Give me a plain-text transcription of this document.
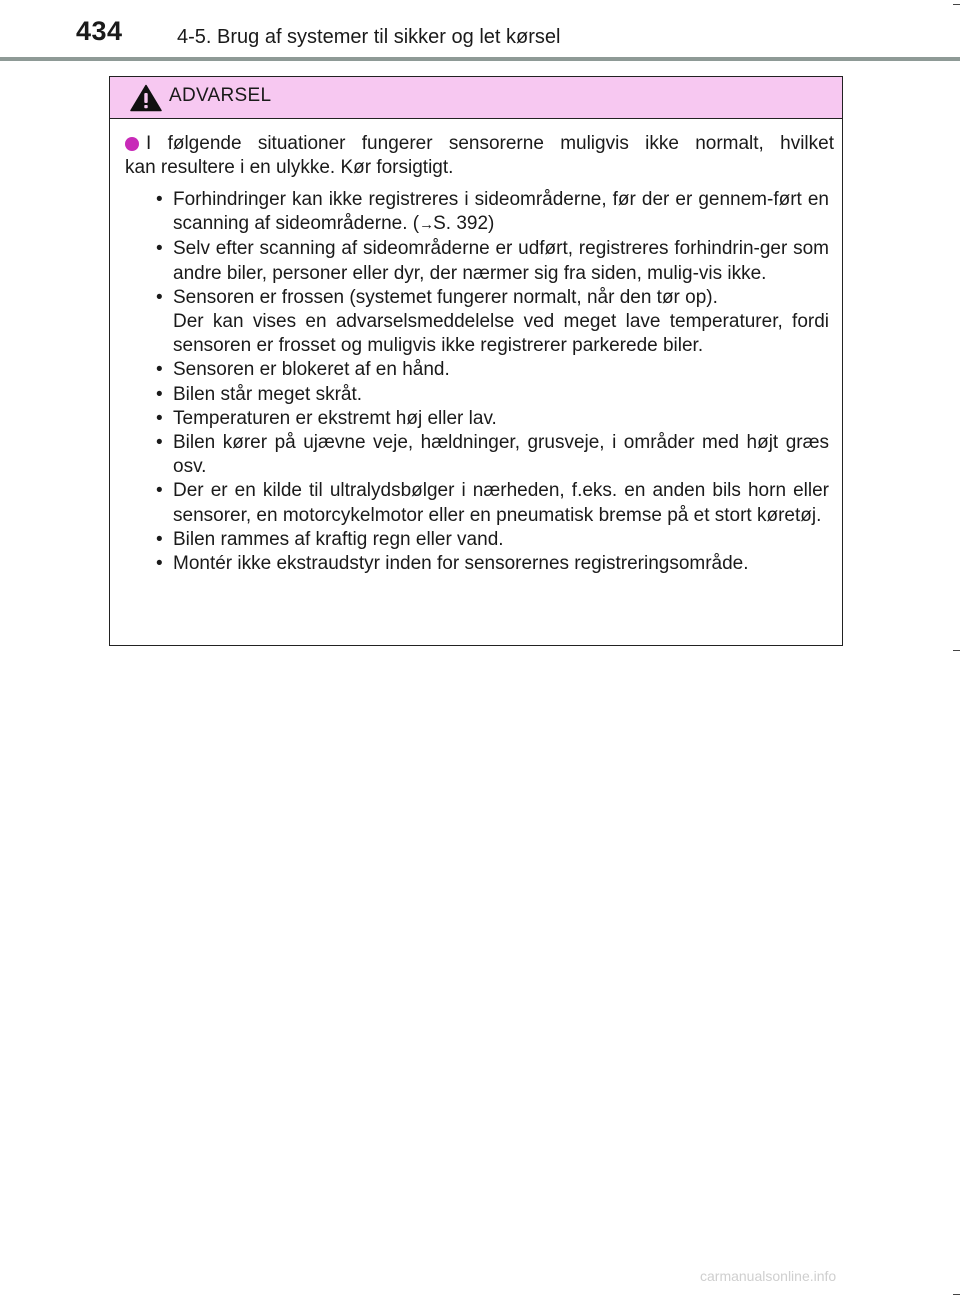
434	4-5. Brug af systemer til sikker og let kørsel
ADVARSEL
I følgende situationer fungerer sensorerne muligvis ikke normalt, hvilket
kan resultere i en ulykke. Kør forsigtigt.
• Forhindringer kan ikke registreres i sideområderne, før der er gennem-ført en scanning af sideområderne. (→S. 392)
• Selv efter scanning af sideområderne er udført, registreres forhindrin-ger som andre biler, personer eller dyr, der nærmer sig fra siden, mulig-vis ikke.
• Sensoren er frossen (systemet fungerer normalt, når den tør op).
Der kan vises en advarselsmeddelelse ved meget lave temperaturer, fordi sensoren er frosset og muligvis ikke registrerer parkerede biler.
• Sensoren er blokeret af en hånd.
• Bilen står meget skråt.
• Temperaturen er ekstremt høj eller lav.
• Bilen kører på ujævne veje, hældninger, grusveje, i områder med højt græs osv.
• Der er en kilde til ultralydsbølger i nærheden, f.eks. en anden bils horn eller sensorer, en motorcykelmotor eller en pneumatisk bremse på et stort køretøj.
• Bilen rammes af kraftig regn eller vand.
• Montér ikke ekstraudstyr inden for sensorernes registreringsområde.
carmanualsonline.info
